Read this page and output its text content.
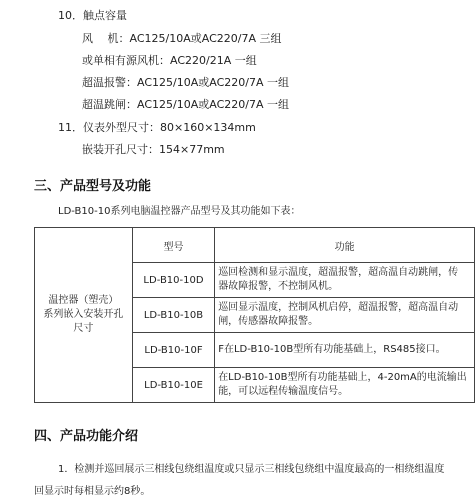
10．触点容量
风　 机：AC125/10A或AC220/7A 三组
或单相有源风机：AC220/21A 一组
超温报警：AC125/10A或AC220/7A 一组
超温跳闸：AC125/10A或AC220/7A 一组
11．仪表外型尺寸：80×160×134mm
嵌装开孔尺寸：154×77mm
三、产品型号及功能
LD-B10-10系列电脑温控器产品型号及其功能如下表：
温控器（塑壳）
系列嵌入安装开孔
尺寸	型号	功能
	LD-B10-10D	巡回检测和显示温度，超温报警，超高温自动跳闸，传
器故障报警，不控制风机。

	LD-B10-10B	巡回显示温度，控制风机启停，超温报警，超高温自动
闸，传感器故障报警。

	LD-B10-10F	F在LD-B10-10B型所有功能基础上，RS485接口。

	LD-B10-10E	在LD-B10-10B型所有功能基础上，4-20mA的电流输出
能，可以远程传输温度信号。
四、产品功能介绍
1．检测并巡回展示三相线包绕组温度或只显示三相线包绕组中温度最高的一相绕组温度
回显示时每相显示约8秒。
